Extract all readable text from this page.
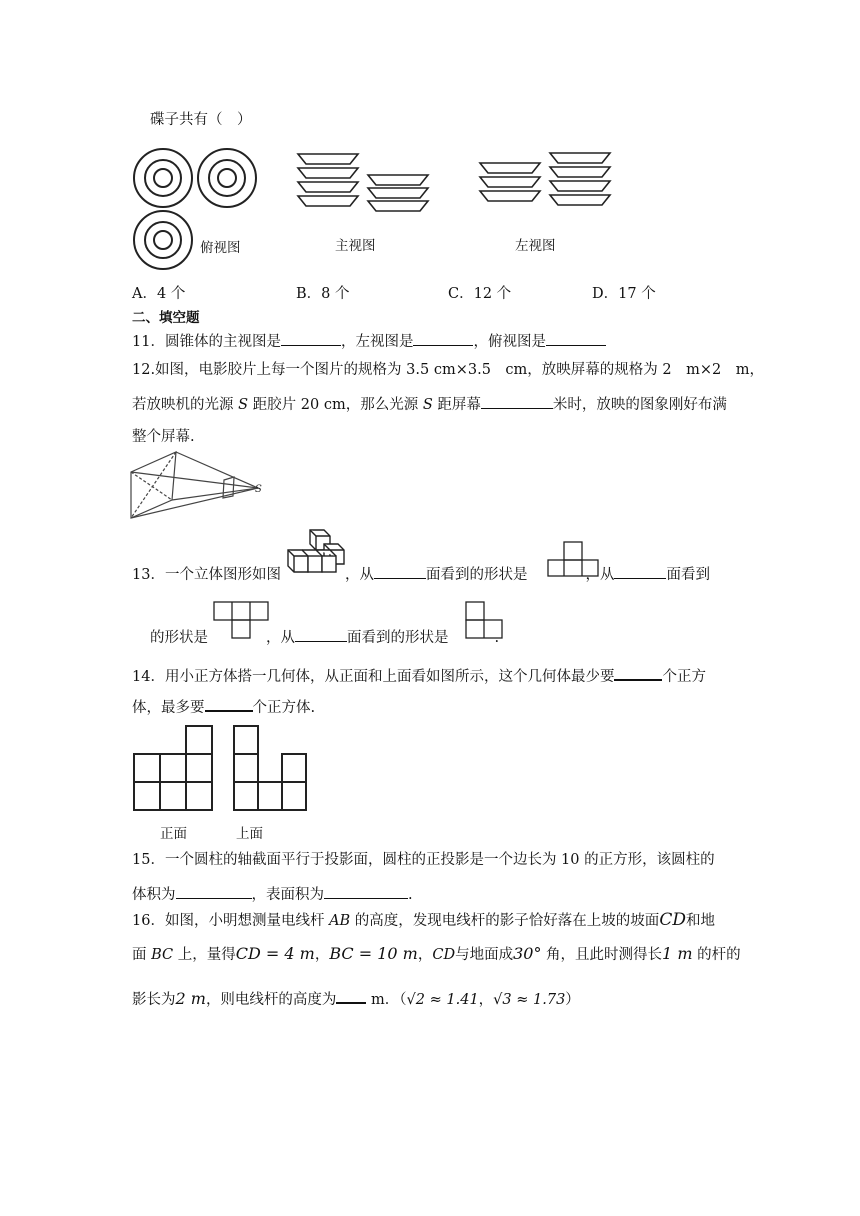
碟子共有（　）
俯视图	主视图	左视图
A．4 个	B．8 个	C．12 个	D．17 个
二、填空题
11．圆锥体的主视图是	，左视图是	，俯视图是
12.如图，电影胶片上每一个图片的规格为 3.5 cm×3.5　cm，放映屏幕的规格为 2　m×2　m，
若放映机的光源 S 距胶片 20 cm，那么光源 S 距屏幕	米时，放映的图象刚好布满
整个屏幕.
S
13．一个立体图形如图	，从	面看到的形状是	，从	面看到
的形状是	，从	面看到的形状是	.
14．用小正方体搭一几何体，从正面和上面看如图所示，这个几何体最少要	个正方
体，最多要	个正方体.
正面	上面
15．一个圆柱的轴截面平行于投影面，圆柱的正投影是一个边长为 10 的正方形，该圆柱的
体积为	，表面积为	.
16．如图，小明想测量电线杆 AB 的高度，发现电线杆的影子恰好落在上坡的坡面CD和地
面 BC 上，量得CD = 4 m，BC = 10 m，CD与地面成30° 角，且此时测得长1 m 的杆的
影长为2 m，则电线杆的高度为 m．（√2 ≈ 1.41，√3 ≈ 1.73）
